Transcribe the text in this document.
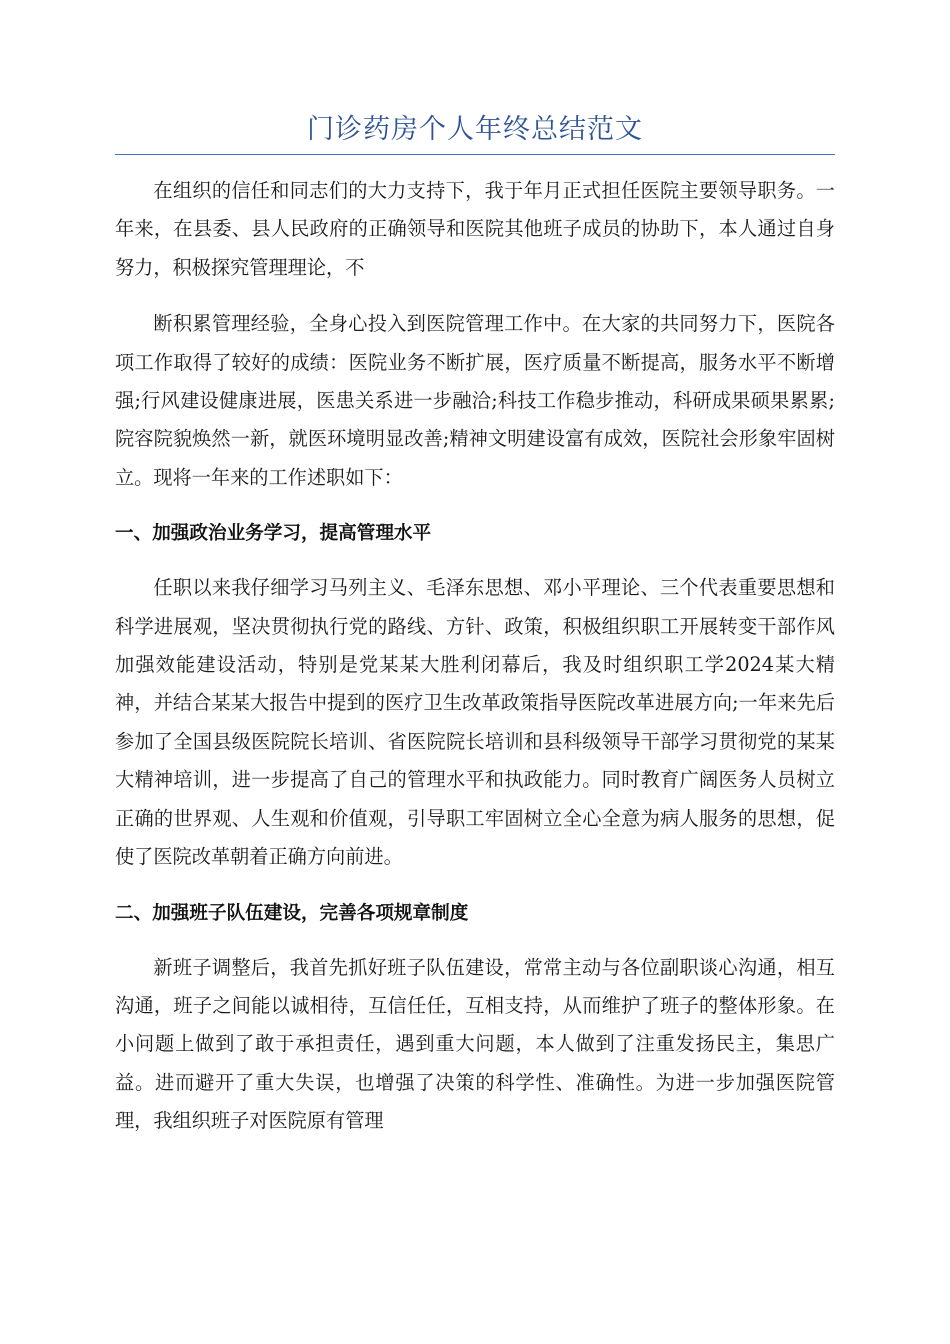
门诊药房个人年终总结范文

在组织的信任和同志们的大力支持下，我于年月正式担任医院主要领导职务。一年来，在县委、县人民政府的正确领导和医院其他班子成员的协助下，本人通过自身努力，积极探究管理理论，不

断积累管理经验，全身心投入到医院管理工作中。在大家的共同努力下，医院各项工作取得了较好的成绩：医院业务不断扩展，医疗质量不断提高，服务水平不断增强;行风建设健康进展，医患关系进一步融洽;科技工作稳步推动，科研成果硕果累累;院容院貌焕然一新，就医环境明显改善;精神文明建设富有成效，医院社会形象牢固树立。现将一年来的工作述职如下：

一、加强政治业务学习，提高管理水平

任职以来我仔细学习马列主义、毛泽东思想、邓小平理论、三个代表重要思想和科学进展观，坚决贯彻执行党的路线、方针、政策，积极组织职工开展转变干部作风加强效能建设活动，特别是党某某大胜利闭幕后，我及时组织职工学2024某大精神，并结合某某大报告中提到的医疗卫生改革政策指导医院改革进展方向;一年来先后参加了全国县级医院院长培训、省医院院长培训和县科级领导干部学习贯彻党的某某大精神培训，进一步提高了自己的管理水平和执政能力。同时教育广阔医务人员树立正确的世界观、人生观和价值观，引导职工牢固树立全心全意为病人服务的思想，促使了医院改革朝着正确方向前进。

二、加强班子队伍建设，完善各项规章制度

新班子调整后，我首先抓好班子队伍建设，常常主动与各位副职谈心沟通，相互沟通，班子之间能以诚相待，互信任任，互相支持，从而维护了班子的整体形象。在小问题上做到了敢于承担责任，遇到重大问题，本人做到了注重发扬民主，集思广益。进而避开了重大失误，也增强了决策的科学性、准确性。为进一步加强医院管理，我组织班子对医院原有管理
